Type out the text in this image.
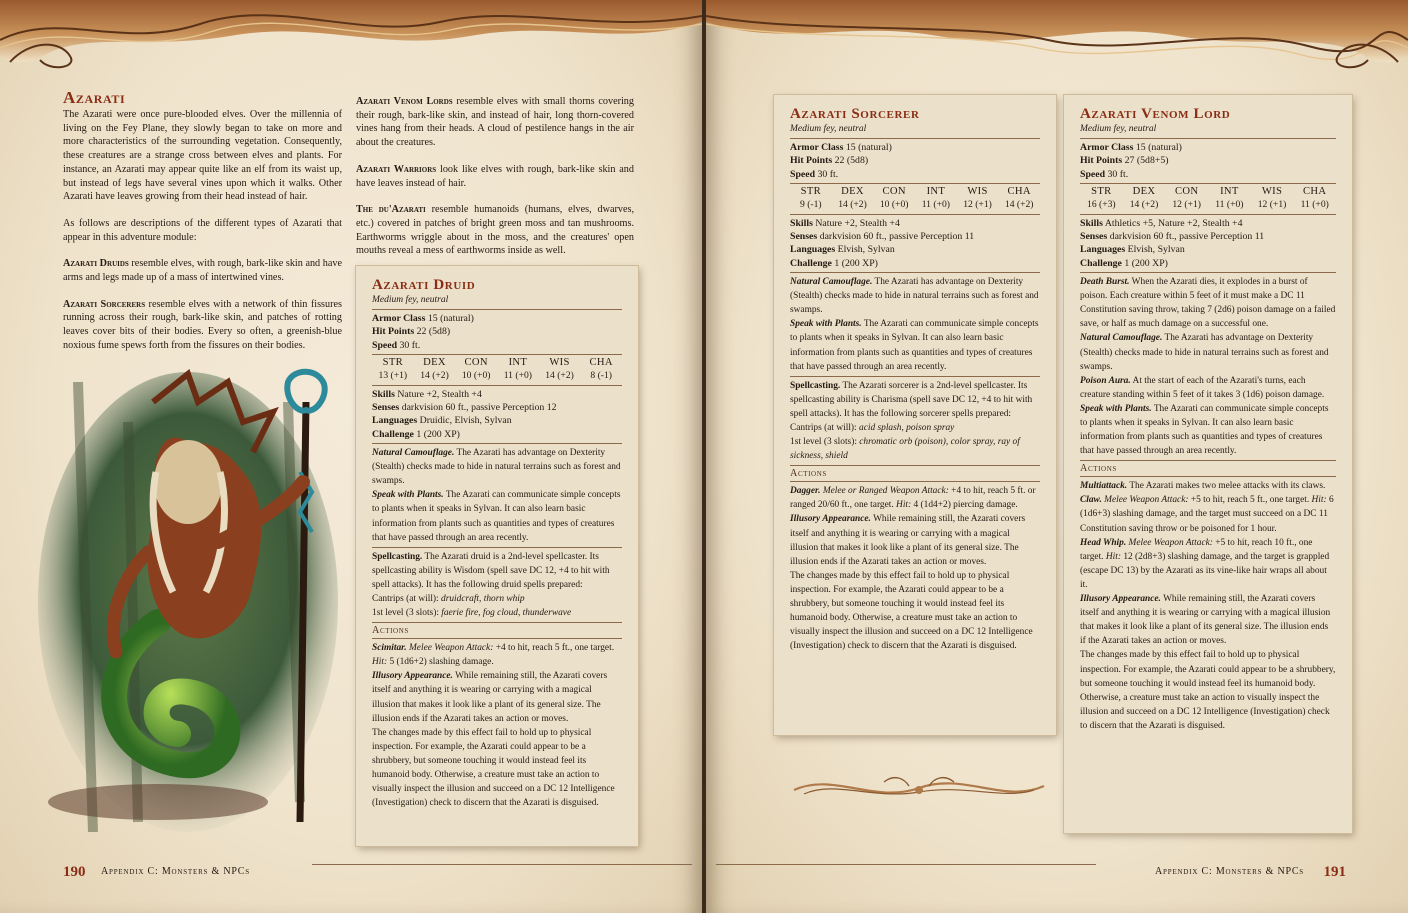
Azarati

The Azarati were once pure-blooded elves. Over the millennia of living on the Fey Plane, they slowly began to take on more and more characteristics of the surrounding vegetation. Consequently, these creatures are a strange cross between elves and plants. For instance, an Azarati may appear quite like an elf from its waist up, but instead of legs have several vines upon which it walks. Other Azarati have leaves growing from their head instead of hair.

As follows are descriptions of the different types of Azarati that appear in this adventure module:

Azarati Druids resemble elves, with rough, bark-like skin and have arms and legs made up of a mass of intertwined vines.

Azarati Sorcerers resemble elves with a network of thin fissures running across their rough, bark-like skin, and patches of rotting leaves cover bits of their bodies. Every so often, a greenish-blue noxious fume spews forth from the fissures on their bodies.

Azarati Venom Lords resemble elves with small thorns covering their rough, bark-like skin, and instead of hair, long thorn-covered vines hang from their heads. A cloud of pestilence hangs in the air about the creatures.

Azarati Warriors look like elves with rough, bark-like skin and have leaves instead of hair.

The du'Azarati resemble humanoids (humans, elves, dwarves, etc.) covered in patches of bright green moss and tan mushrooms. Earthworms wriggle about in the moss, and the creatures' open mouths reveal a mess of earthworms inside as well.

Azarati Druid

Medium fey, neutral

Armor Class 15 (natural)

Hit Points 22 (5d8)

Speed 30 ft.

STR	DEX	CON	INT	WIS	CHA
13 (+1)	14 (+2)	10 (+0)	11 (+0)	14 (+2)	8 (-1)

Skills Nature +2, Stealth +4

Senses darkvision 60 ft., passive Perception 12

Languages Druidic, Elvish, Sylvan

Challenge 1 (200 XP)

Natural Camouflage. The Azarati has advantage on Dexterity (Stealth) checks made to hide in natural terrains such as forest and swamps.

Speak with Plants. The Azarati can communicate simple concepts to plants when it speaks in Sylvan. It can also learn basic information from plants such as quantities and types of creatures that have passed through an area recently.

Spellcasting. The Azarati druid is a 2nd-level spellcaster. Its spellcasting ability is Wisdom (spell save DC 12, +4 to hit with spell attacks). It has the following druid spells prepared:

Cantrips (at will): druidcraft, thorn whip

1st level (3 slots): faerie fire, fog cloud, thunderwave

Actions

Scimitar. Melee Weapon Attack: +4 to hit, reach 5 ft., one target. Hit: 5 (1d6+2) slashing damage.

Illusory Appearance. While remaining still, the Azarati covers itself and anything it is wearing or carrying with a magical illusion that makes it look like a plant of its general size. The illusion ends if the Azarati takes an action or moves.

The changes made by this effect fail to hold up to physical inspection. For example, the Azarati could appear to be a shrubbery, but someone touching it would instead feel its humanoid body. Otherwise, a creature must take an action to visually inspect the illusion and succeed on a DC 12 Intelligence (Investigation) check to discern that the Azarati is disguised.

190 Appendix C: Monsters & NPCs
Azarati Sorcerer

Medium fey, neutral

Armor Class 15 (natural)

Hit Points 22 (5d8)

Speed 30 ft.

STR	DEX	CON	INT	WIS	CHA
9 (-1)	14 (+2)	10 (+0)	11 (+0)	12 (+1)	14 (+2)

Skills Nature +2, Stealth +4

Senses darkvision 60 ft., passive Perception 11

Languages Elvish, Sylvan

Challenge 1 (200 XP)

Natural Camouflage. The Azarati has advantage on Dexterity (Stealth) checks made to hide in natural terrains such as forest and swamps.

Speak with Plants. The Azarati can communicate simple concepts to plants when it speaks in Sylvan. It can also learn basic information from plants such as quantities and types of creatures that have passed through an area recently.

Spellcasting. The Azarati sorcerer is a 2nd-level spellcaster. Its spellcasting ability is Charisma (spell save DC 12, +4 to hit with spell attacks). It has the following sorcerer spells prepared:

Cantrips (at will): acid splash, poison spray

1st level (3 slots): chromatic orb (poison), color spray, ray of sickness, shield

Actions

Dagger. Melee or Ranged Weapon Attack: +4 to hit, reach 5 ft. or ranged 20/60 ft., one target. Hit: 4 (1d4+2) piercing damage.

Illusory Appearance. While remaining still, the Azarati covers itself and anything it is wearing or carrying with a magical illusion that makes it look like a plant of its general size. The illusion ends if the Azarati takes an action or moves.

The changes made by this effect fail to hold up to physical inspection. For example, the Azarati could appear to be a shrubbery, but someone touching it would instead feel its humanoid body. Otherwise, a creature must take an action to visually inspect the illusion and succeed on a DC 12 Intelligence (Investigation) check to discern that the Azarati is disguised.

Azarati Venom Lord

Medium fey, neutral

Armor Class 15 (natural)

Hit Points 27 (5d8+5)

Speed 30 ft.

STR	DEX	CON	INT	WIS	CHA
16 (+3)	14 (+2)	12 (+1)	11 (+0)	12 (+1)	11 (+0)

Skills Athletics +5, Nature +2, Stealth +4

Senses darkvision 60 ft., passive Perception 11

Languages Elvish, Sylvan

Challenge 1 (200 XP)

Death Burst. When the Azarati dies, it explodes in a burst of poison. Each creature within 5 feet of it must make a DC 11 Constitution saving throw, taking 7 (2d6) poison damage on a failed save, or half as much damage on a successful one.

Natural Camouflage. The Azarati has advantage on Dexterity (Stealth) checks made to hide in natural terrains such as forest and swamps.

Poison Aura. At the start of each of the Azarati's turns, each creature standing within 5 feet of it takes 3 (1d6) poison damage.

Speak with Plants. The Azarati can communicate simple concepts to plants when it speaks in Sylvan. It can also learn basic information from plants such as quantities and types of creatures that have passed through an area recently.

Actions

Multiattack. The Azarati makes two melee attacks with its claws.

Claw. Melee Weapon Attack: +5 to hit, reach 5 ft., one target. Hit: 6 (1d6+3) slashing damage, and the target must succeed on a DC 11 Constitution saving throw or be poisoned for 1 hour.

Head Whip. Melee Weapon Attack: +5 to hit, reach 10 ft., one target. Hit: 12 (2d8+3) slashing damage, and the target is grappled (escape DC 13) by the Azarati as its vine-like hair wraps all about it.

Illusory Appearance. While remaining still, the Azarati covers itself and anything it is wearing or carrying with a magical illusion that makes it look like a plant of its general size. The illusion ends if the Azarati takes an action or moves.

The changes made by this effect fail to hold up to physical inspection. For example, the Azarati could appear to be a shrubbery, but someone touching it would instead feel its humanoid body. Otherwise, a creature must take an action to visually inspect the illusion and succeed on a DC 12 Intelligence (Investigation) check to discern that the Azarati is disguised.

Appendix C: Monsters & NPCs 191
